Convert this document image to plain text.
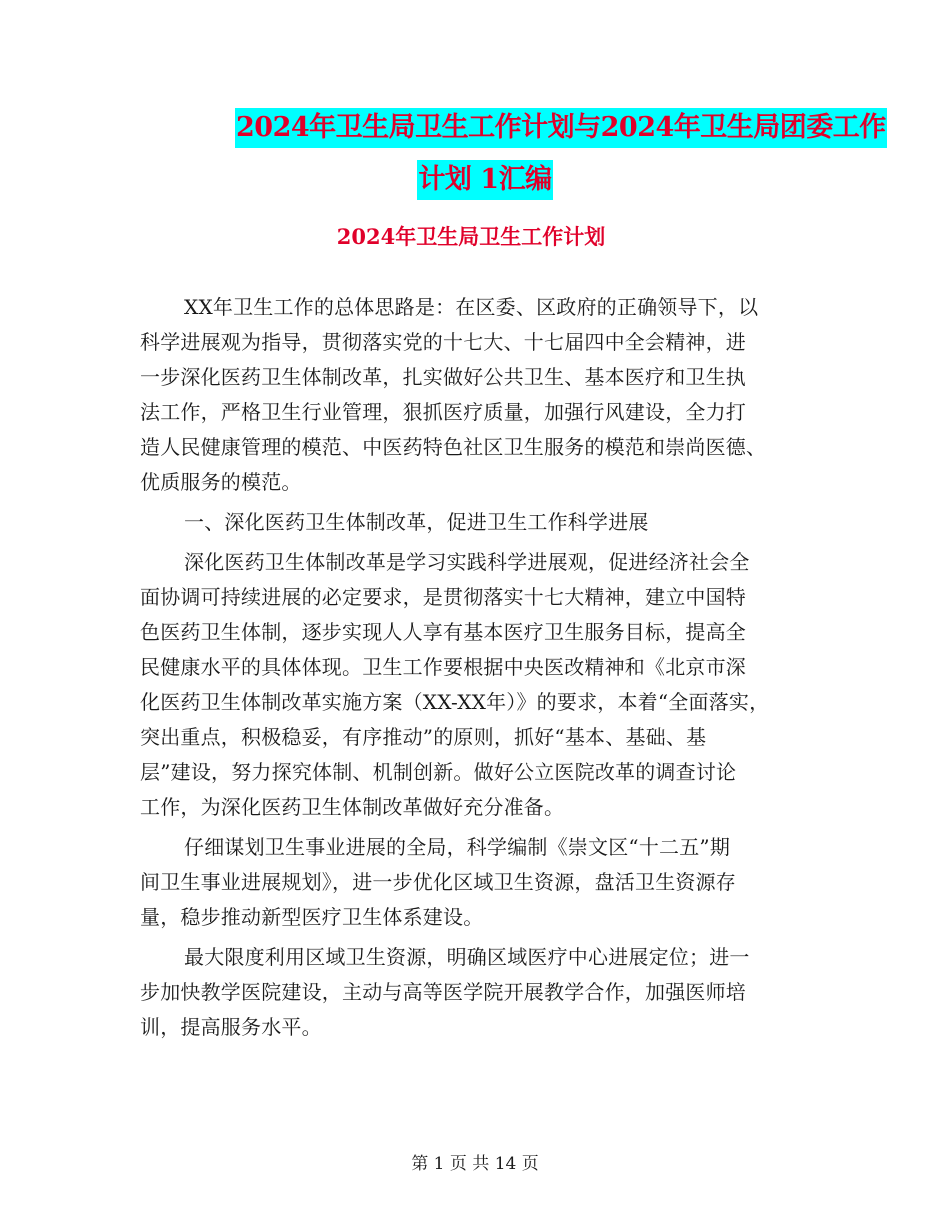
2024年卫生局卫生工作计划与2024年卫生局团委工作
计划 1汇编
2024年卫生局卫生工作计划
XX年卫生工作的总体思路是：在区委、区政府的正确领导下，以
科学进展观为指导，贯彻落实党的十七大、十七届四中全会精神，进
一步深化医药卫生体制改革，扎实做好公共卫生、基本医疗和卫生执
法工作，严格卫生行业管理，狠抓医疗质量，加强行风建设，全力打
造人民健康管理的模范、中医药特色社区卫生服务的模范和崇尚医德、
优质服务的模范。
一、深化医药卫生体制改革，促进卫生工作科学进展
深化医药卫生体制改革是学习实践科学进展观，促进经济社会全
面协调可持续进展的必定要求，是贯彻落实十七大精神，建立中国特
色医药卫生体制，逐步实现人人享有基本医疗卫生服务目标，提高全
民健康水平的具体体现。卫生工作要根据中央医改精神和《北京市深
化医药卫生体制改革实施方案（XX-XX年）》的要求，本着“全面落实，
突出重点，积极稳妥，有序推动”的原则，抓好“基本、基础、基
层”建设，努力探究体制、机制创新。做好公立医院改革的调查讨论
工作，为深化医药卫生体制改革做好充分准备。
仔细谋划卫生事业进展的全局，科学编制《崇文区“十二五”期
间卫生事业进展规划》，进一步优化区域卫生资源，盘活卫生资源存
量，稳步推动新型医疗卫生体系建设。
最大限度利用区域卫生资源，明确区域医疗中心进展定位；进一
步加快教学医院建设，主动与高等医学院开展教学合作，加强医师培
训，提高服务水平。
第 1 页 共 14 页
